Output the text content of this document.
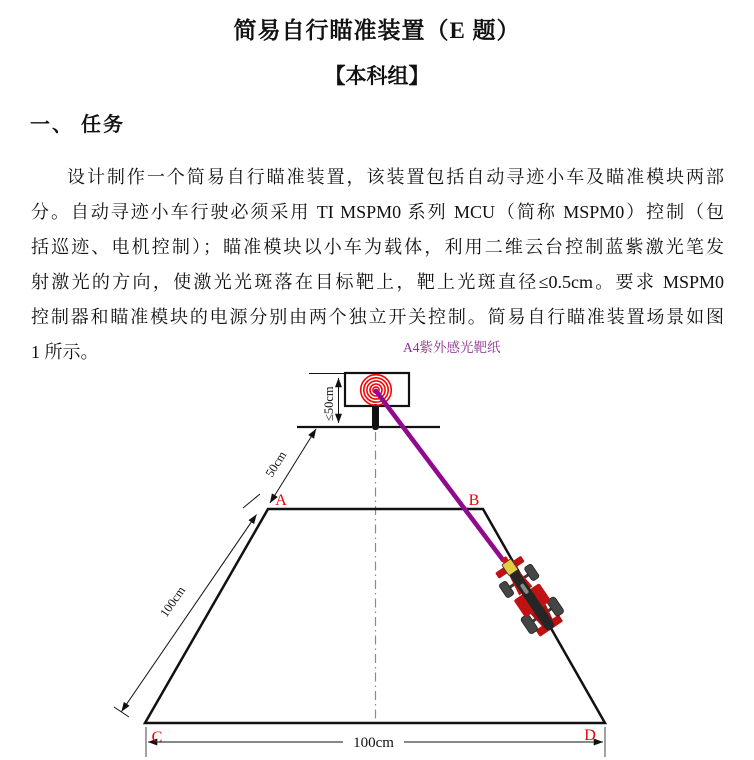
简易自行瞄准装置（E 题）
【本科组】
一、 任务
设计制作一个简易自行瞄准装置，该装置包括自动寻迹小车及瞄准模块两部
分。自动寻迹小车行驶必须采用 TI MSPM0 系列 MCU（简称 MSPM0）控制（包
括巡迹、电机控制）；瞄准模块以小车为载体，利用二维云台控制蓝紫激光笔发
射激光的方向，使激光光斑落在目标靶上，靶上光斑直径≤0.5cm。要求 MSPM0
控制器和瞄准模块的电源分别由两个独立开关控制。简易自行瞄准装置场景如图
1 所示。
≤50cm
50cm
100cm
100cm
A	B
C	D
A4紫外感光靶纸
